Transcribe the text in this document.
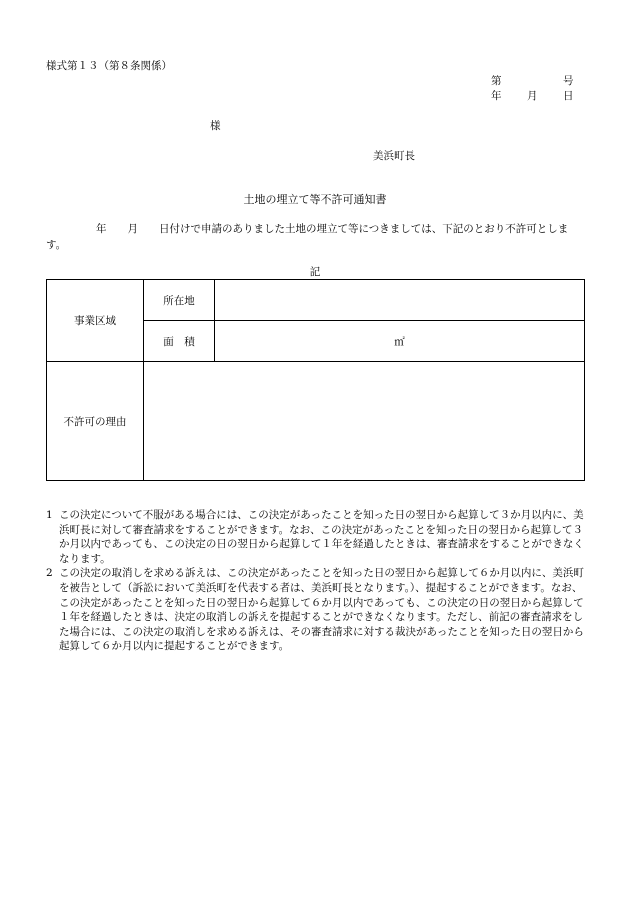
様式第１３（第８条関係）
第	号
年 月 日
様
美浜町長
土地の埋立て等不許可通知書
年　　月　　日付けで申請のありました土地の埋立て等につきましては、下記のとおり不許可とします。
記
事業区域	所在地	
	面　積	㎡
不許可の理由		
1 この決定について不服がある場合には、この決定があったことを知った日の翌日から起算して３か月以内に、美浜町長に対して審査請求をすることができます。なお、この決定があったことを知った日の翌日から起算して３か月以内であっても、この決定の日の翌日から起算して１年を経過したときは、審査請求をすることができなくなります。
2 この決定の取消しを求める訴えは、この決定があったことを知った日の翌日から起算して６か月以内に、美浜町を被告として（訴訟において美浜町を代表する者は、美浜町長となります。）、提起することができます。なお、この決定があったことを知った日の翌日から起算して６か月以内であっても、この決定の日の翌日から起算して１年を経過したときは、決定の取消しの訴えを提起することができなくなります。ただし、前記の審査請求をした場合には、この決定の取消しを求める訴えは、その審査請求に対する裁決があったことを知った日の翌日から起算して６か月以内に提起することができます。
